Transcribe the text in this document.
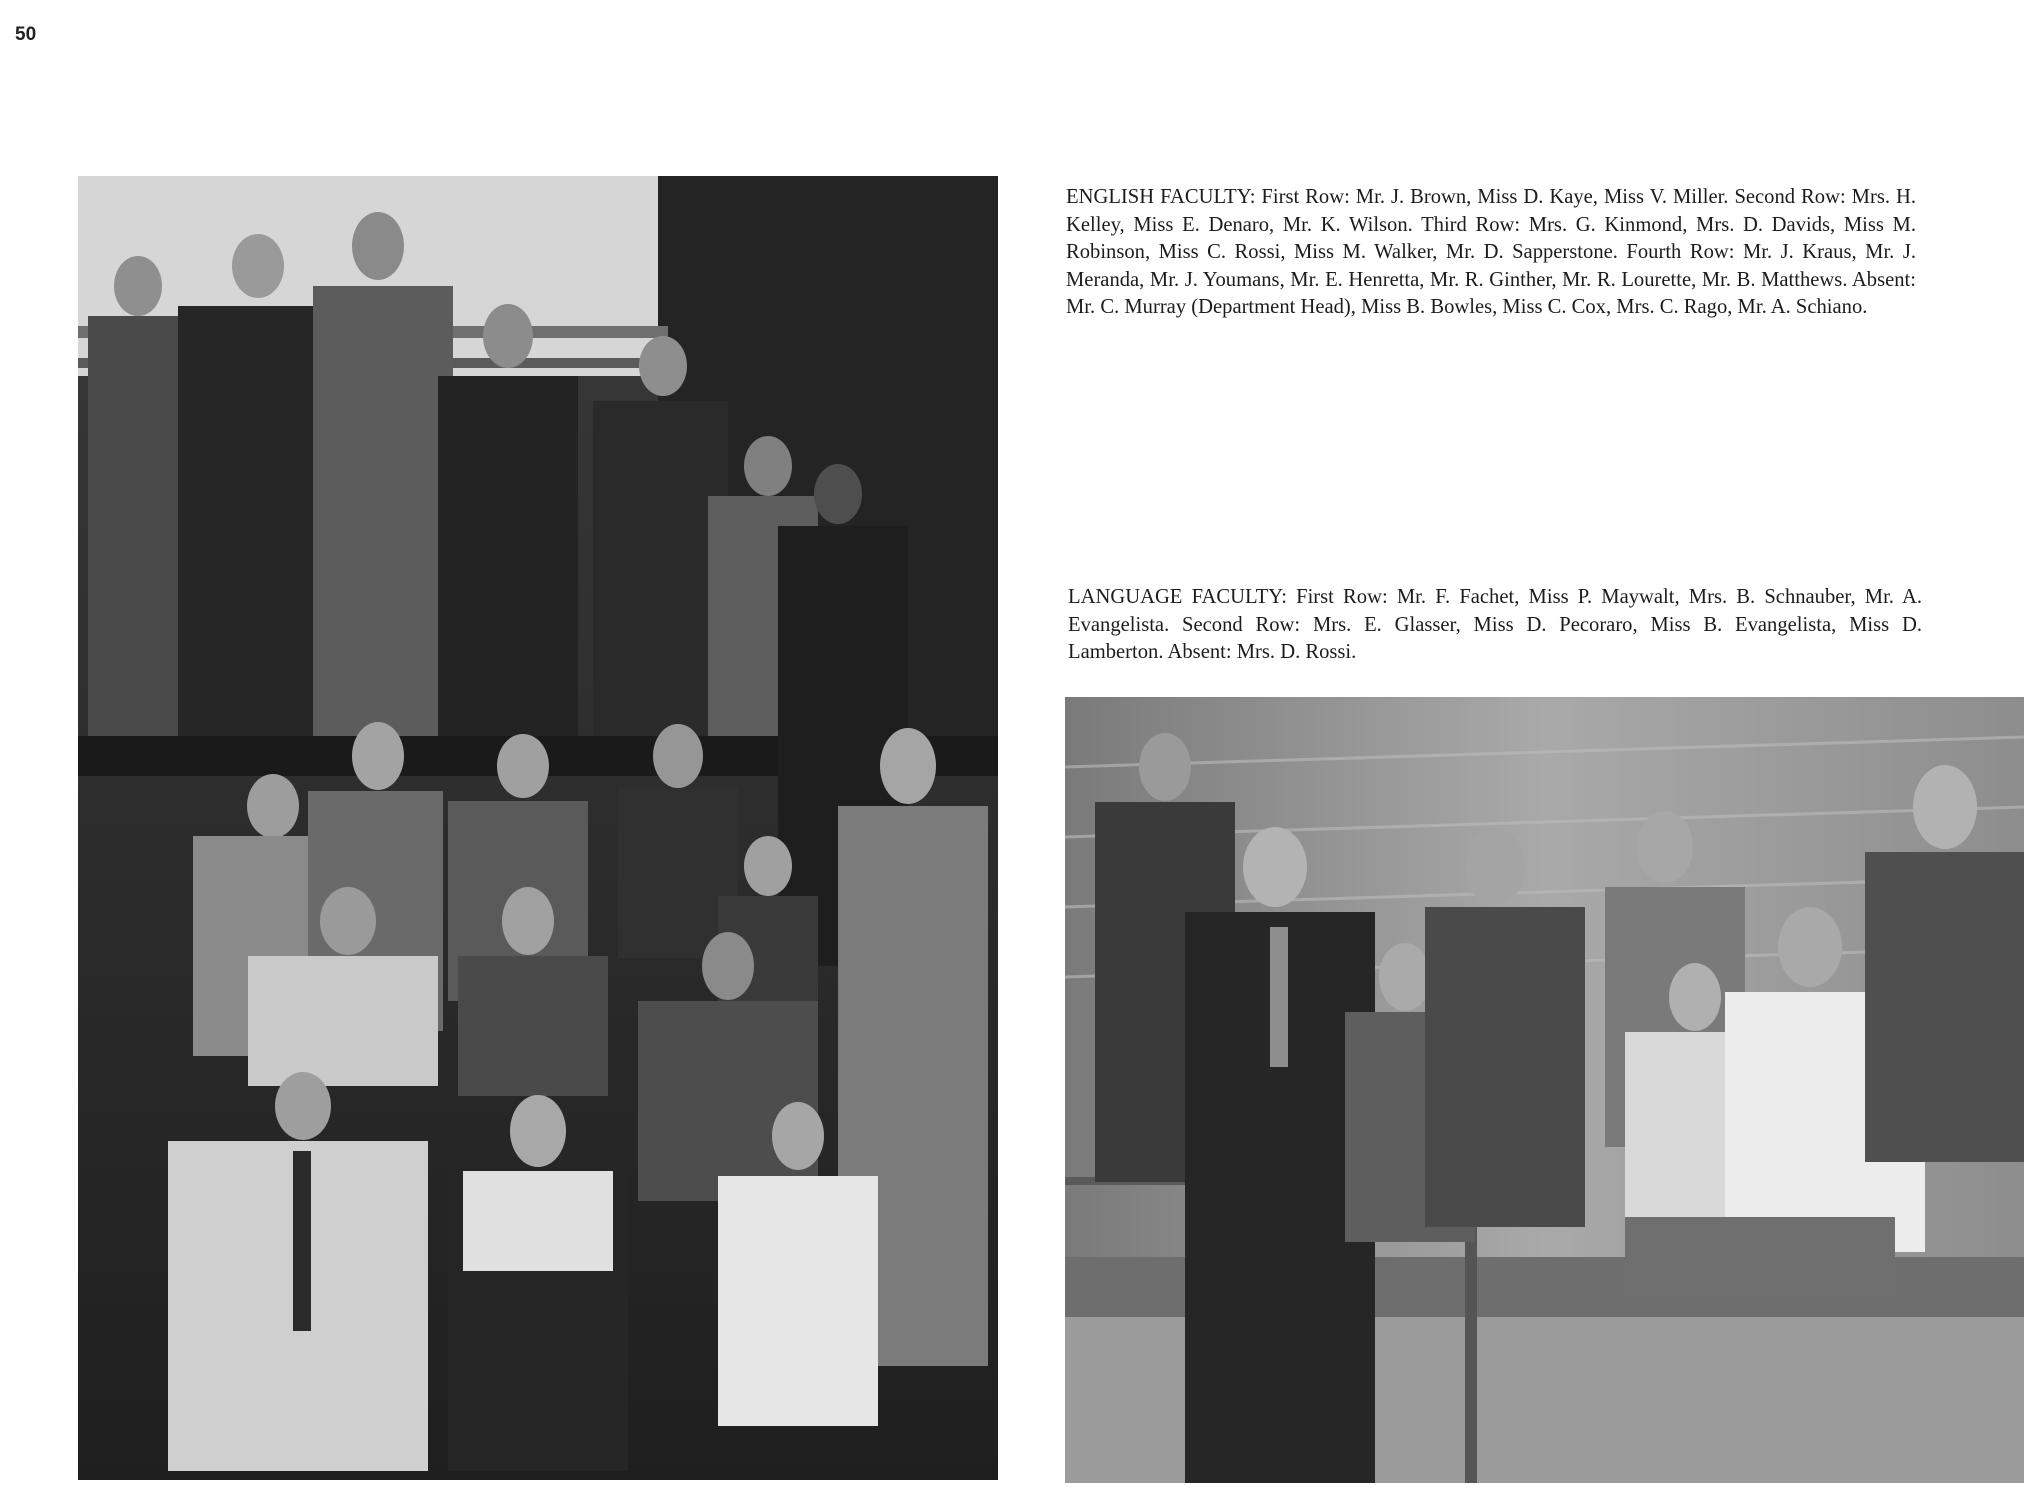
50
ENGLISH FACULTY: First Row: Mr. J. Brown, Miss D. Kaye, Miss V. Miller. Second Row: Mrs. H. Kelley, Miss E. Denaro, Mr. K. Wilson. Third Row: Mrs. G. Kinmond, Mrs. D. Davids, Miss M. Robinson, Miss C. Rossi, Miss M. Walker, Mr. D. Sapperstone. Fourth Row: Mr. J. Kraus, Mr. J. Meranda, Mr. J. Youmans, Mr. E. Henretta, Mr. R. Ginther, Mr. R. Lourette, Mr. B. Matthews. Absent: Mr. C. Murray (Department Head), Miss B. Bowles, Miss C. Cox, Mrs. C. Rago, Mr. A. Schiano.
LANGUAGE FACULTY: First Row: Mr. F. Fachet, Miss P. Maywalt, Mrs. B. Schnauber, Mr. A. Evangelista. Second Row: Mrs. E. Glasser, Miss D. Pecoraro, Miss B. Evangelista, Miss D. Lamberton. Absent: Mrs. D. Rossi.
